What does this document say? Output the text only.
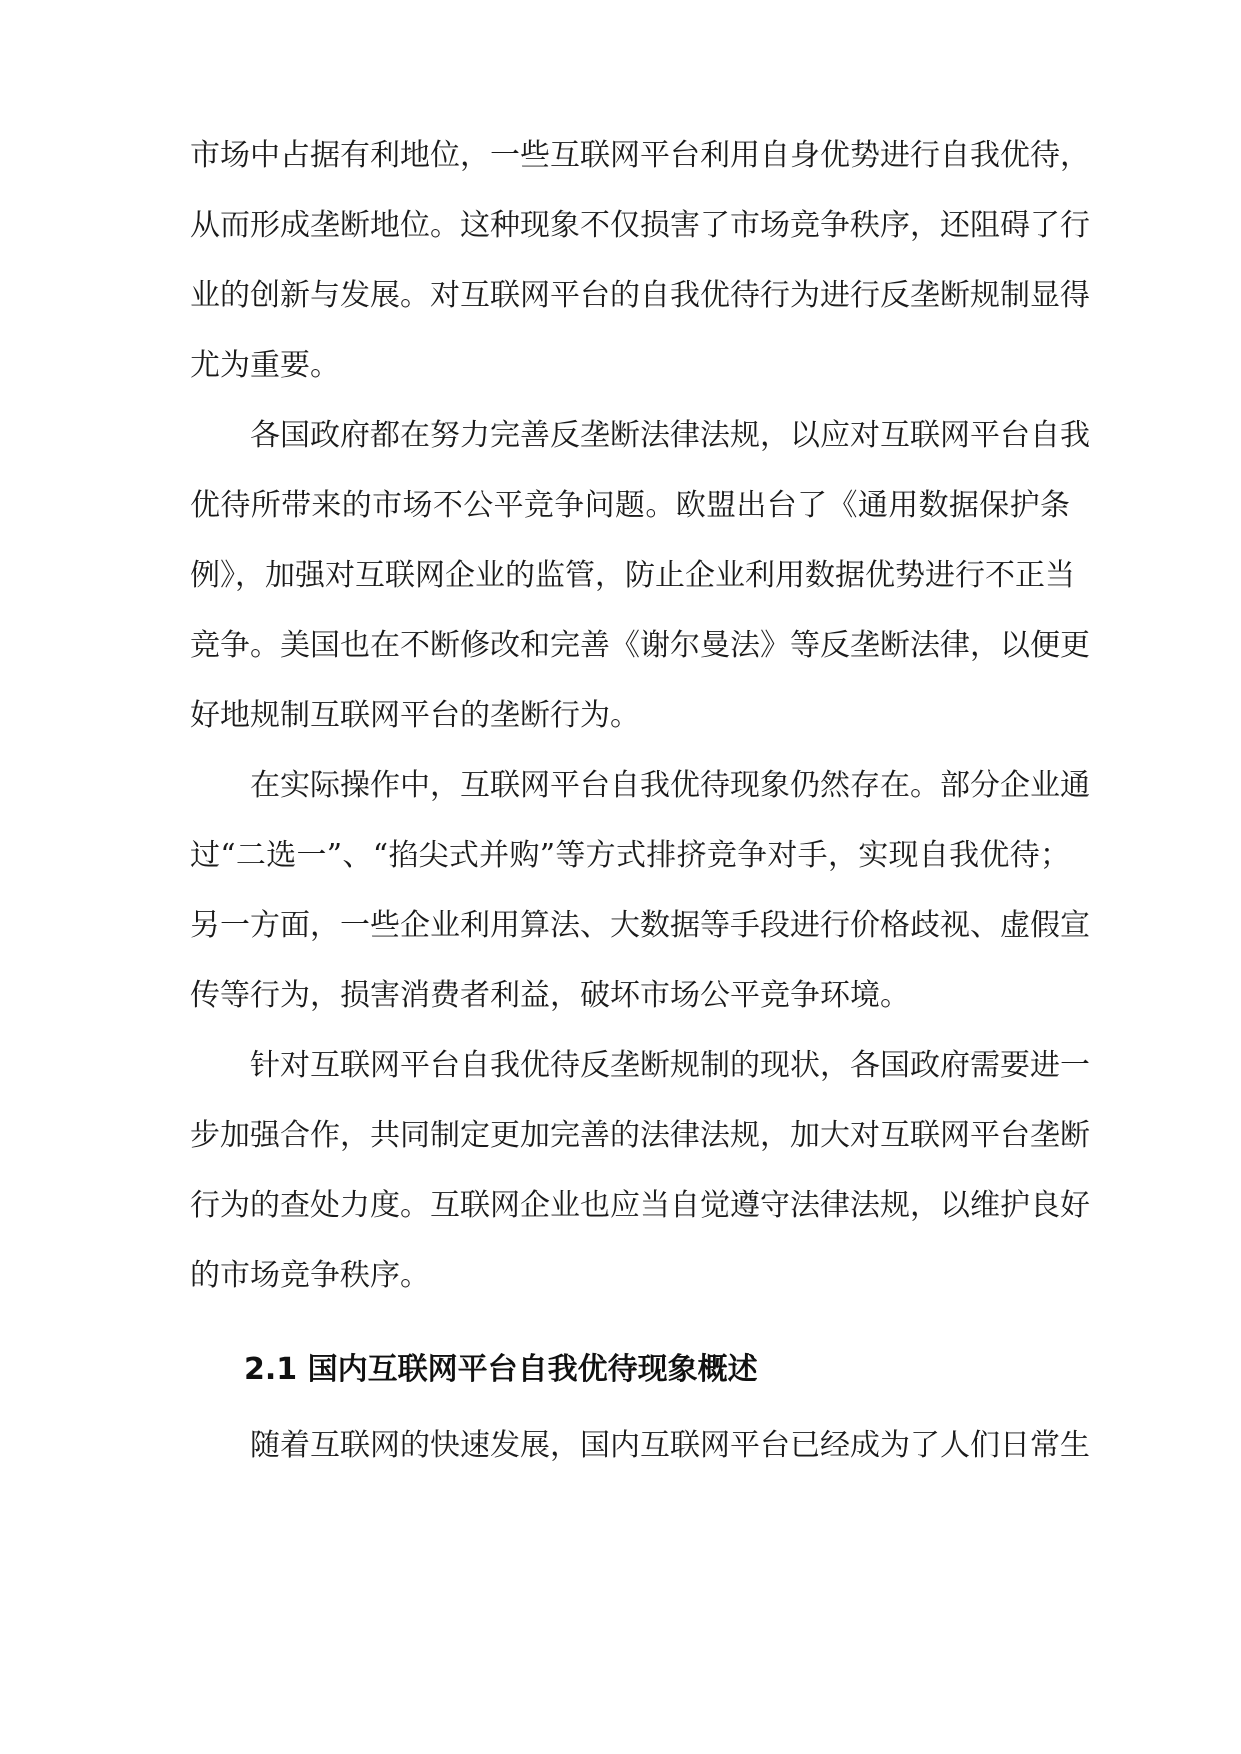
市场中占据有利地位，一些互联网平台利用自身优势进行自我优待，
从而形成垄断地位。这种现象不仅损害了市场竞争秩序，还阻碍了行
业的创新与发展。对互联网平台的自我优待行为进行反垄断规制显得
尤为重要。
各国政府都在努力完善反垄断法律法规，以应对互联网平台自我
优待所带来的市场不公平竞争问题。欧盟出台了《通用数据保护条
例》，加强对互联网企业的监管，防止企业利用数据优势进行不正当
竞争。美国也在不断修改和完善《谢尔曼法》等反垄断法律，以便更
好地规制互联网平台的垄断行为。
在实际操作中，互联网平台自我优待现象仍然存在。部分企业通
过“二选一”、“掐尖式并购”等方式排挤竞争对手，实现自我优待；
另一方面，一些企业利用算法、大数据等手段进行价格歧视、虚假宣
传等行为，损害消费者利益，破坏市场公平竞争环境。
针对互联网平台自我优待反垄断规制的现状，各国政府需要进一
步加强合作，共同制定更加完善的法律法规，加大对互联网平台垄断
行为的查处力度。互联网企业也应当自觉遵守法律法规，以维护良好
的市场竞争秩序。
2.1 国内互联网平台自我优待现象概述
随着互联网的快速发展，国内互联网平台已经成为了人们日常生
